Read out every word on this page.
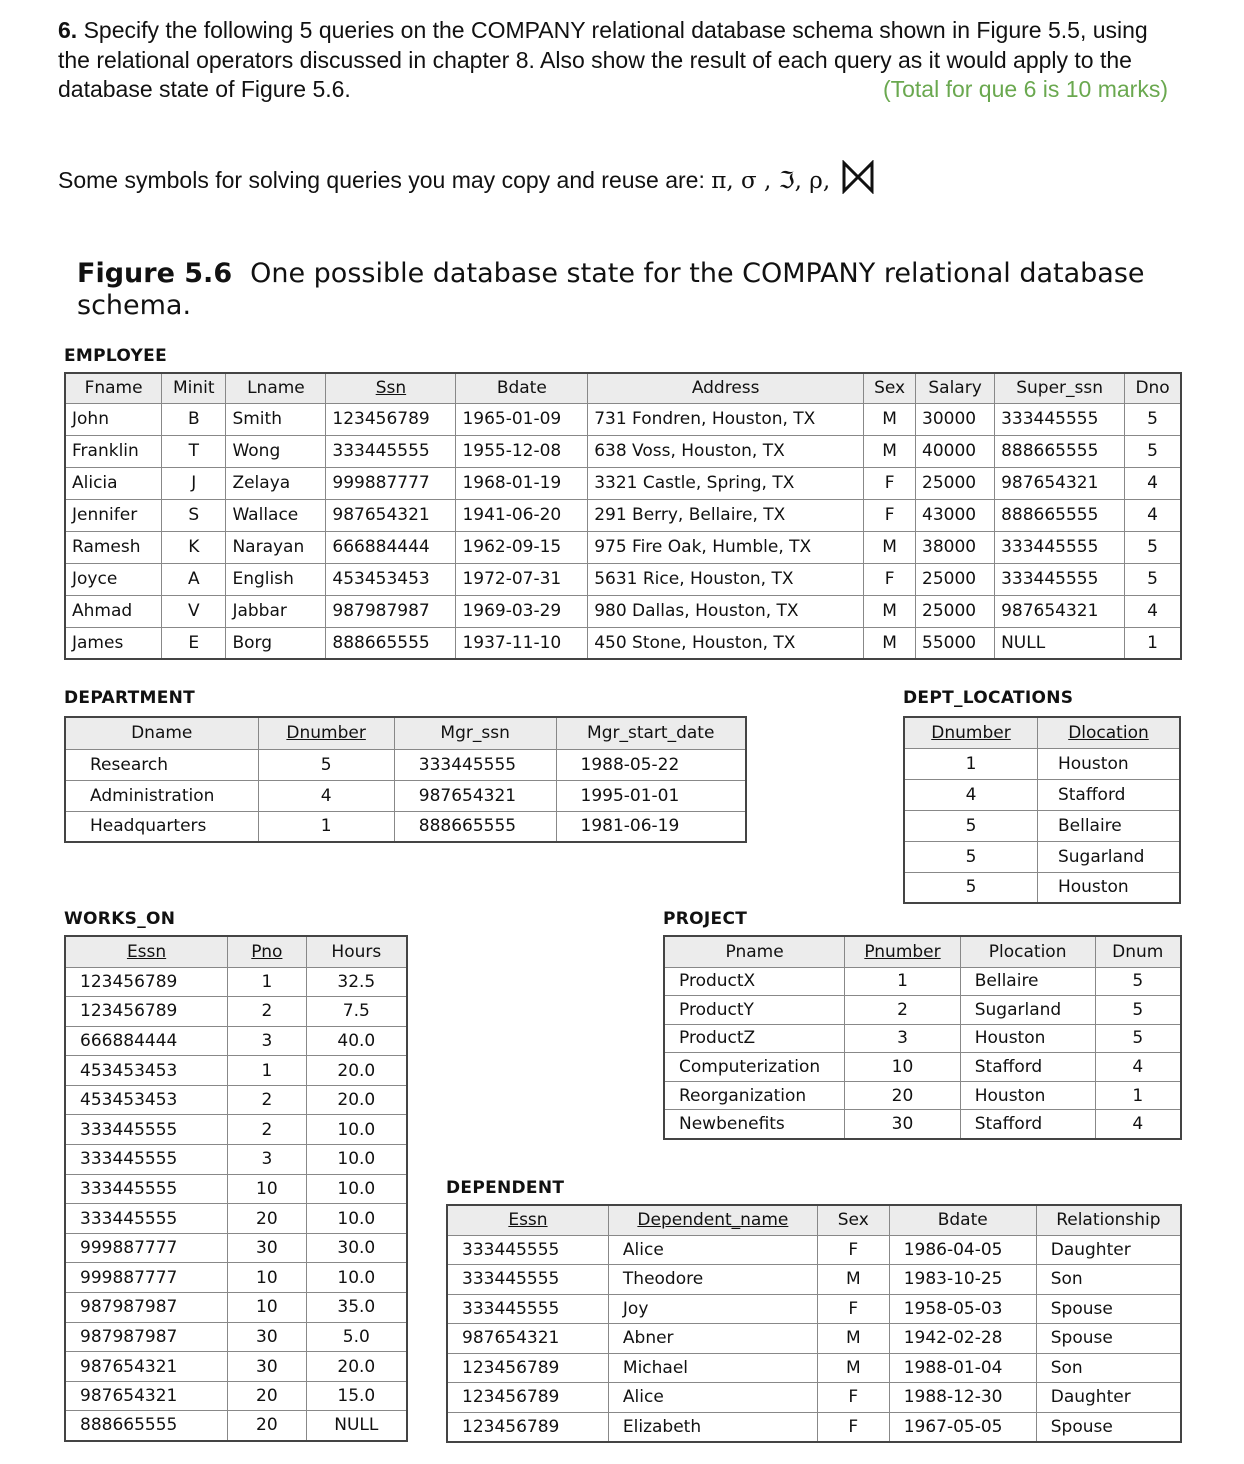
6. Specify the following 5 queries on the COMPANY relational database schema shown in Figure 5.5, using the relational operators discussed in chapter 8. Also show the result of each query as it would apply to the database state of Figure 5.6.	(Total for que 6 is 10 marks)
Some symbols for solving queries you may copy and reuse are: π, σ , ℑ, ρ,
Figure 5.6 One possible database state for the COMPANY relational database schema.
EMPLOYEE
Fname	Minit	Lname	Ssn	Bdate	Address	Sex	Salary	Super_ssn	Dno
John	B	Smith	123456789	1965-01-09	731 Fondren, Houston, TX	M	30000	333445555	5
Franklin	T	Wong	333445555	1955-12-08	638 Voss, Houston, TX	M	40000	888665555	5
Alicia	J	Zelaya	999887777	1968-01-19	3321 Castle, Spring, TX	F	25000	987654321	4
Jennifer	S	Wallace	987654321	1941-06-20	291 Berry, Bellaire, TX	F	43000	888665555	4
Ramesh	K	Narayan	666884444	1962-09-15	975 Fire Oak, Humble, TX	M	38000	333445555	5
Joyce	A	English	453453453	1972-07-31	5631 Rice, Houston, TX	F	25000	333445555	5
Ahmad	V	Jabbar	987987987	1969-03-29	980 Dallas, Houston, TX	M	25000	987654321	4
James	E	Borg	888665555	1937-11-10	450 Stone, Houston, TX	M	55000	NULL	1
DEPARTMENT
Dname	Dnumber	Mgr_ssn	Mgr_start_date
Research	5	333445555	1988-05-22
Administration	4	987654321	1995-01-01
Headquarters	1	888665555	1981-06-19
DEPT_LOCATIONS
Dnumber	Dlocation
1	Houston
4	Stafford
5	Bellaire
5	Sugarland
5	Houston
WORKS_ON
Essn	Pno	Hours
123456789	1	32.5
123456789	2	7.5
666884444	3	40.0
453453453	1	20.0
453453453	2	20.0
333445555	2	10.0
333445555	3	10.0
333445555	10	10.0
333445555	20	10.0
999887777	30	30.0
999887777	10	10.0
987987987	10	35.0
987987987	30	5.0
987654321	30	20.0
987654321	20	15.0
888665555	20	NULL
PROJECT
Pname	Pnumber	Plocation	Dnum
ProductX	1	Bellaire	5
ProductY	2	Sugarland	5
ProductZ	3	Houston	5
Computerization	10	Stafford	4
Reorganization	20	Houston	1
Newbenefits	30	Stafford	4
DEPENDENT
Essn	Dependent_name	Sex	Bdate	Relationship
333445555	Alice	F	1986-04-05	Daughter
333445555	Theodore	M	1983-10-25	Son
333445555	Joy	F	1958-05-03	Spouse
987654321	Abner	M	1942-02-28	Spouse
123456789	Michael	M	1988-01-04	Son
123456789	Alice	F	1988-12-30	Daughter
123456789	Elizabeth	F	1967-05-05	Spouse
